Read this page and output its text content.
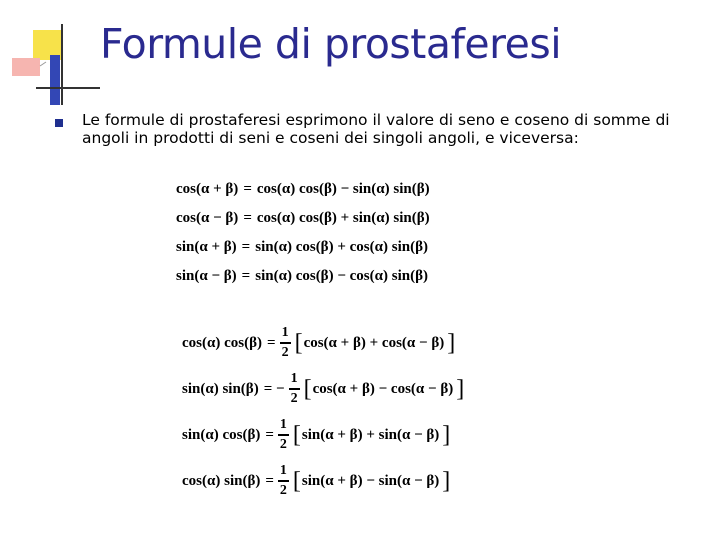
Formule di prostaferesi

Le formule di prostaferesi esprimono il valore di seno e coseno di somme di angoli in prodotti di seni e coseni dei singoli angoli, e viceversa:

cos(α + β) = cos(α) cos(β) − sin(α) sin(β)
cos(α − β) = cos(α) cos(β) + sin(α) sin(β)
sin(α + β) = sin(α) cos(β) + cos(α) sin(β)
sin(α − β) = sin(α) cos(β) − cos(α) sin(β)
cos(α) $\cos(\beta) = \frac{1}{2}$ [ cos(α + β) + cos(α − β) ]
sin(α) sin(β) = − $\frac{1}{2}$ [ cos(α + β) − cos(α − β) ]
sin(α) $\cos(\beta) = \frac{1}{2}$ [ sin(α + β) + sin(α − β) ]
cos(α) $\sin(\beta) = \frac{1}{2}$ [ sin(α + β) − sin(α − β) ]
